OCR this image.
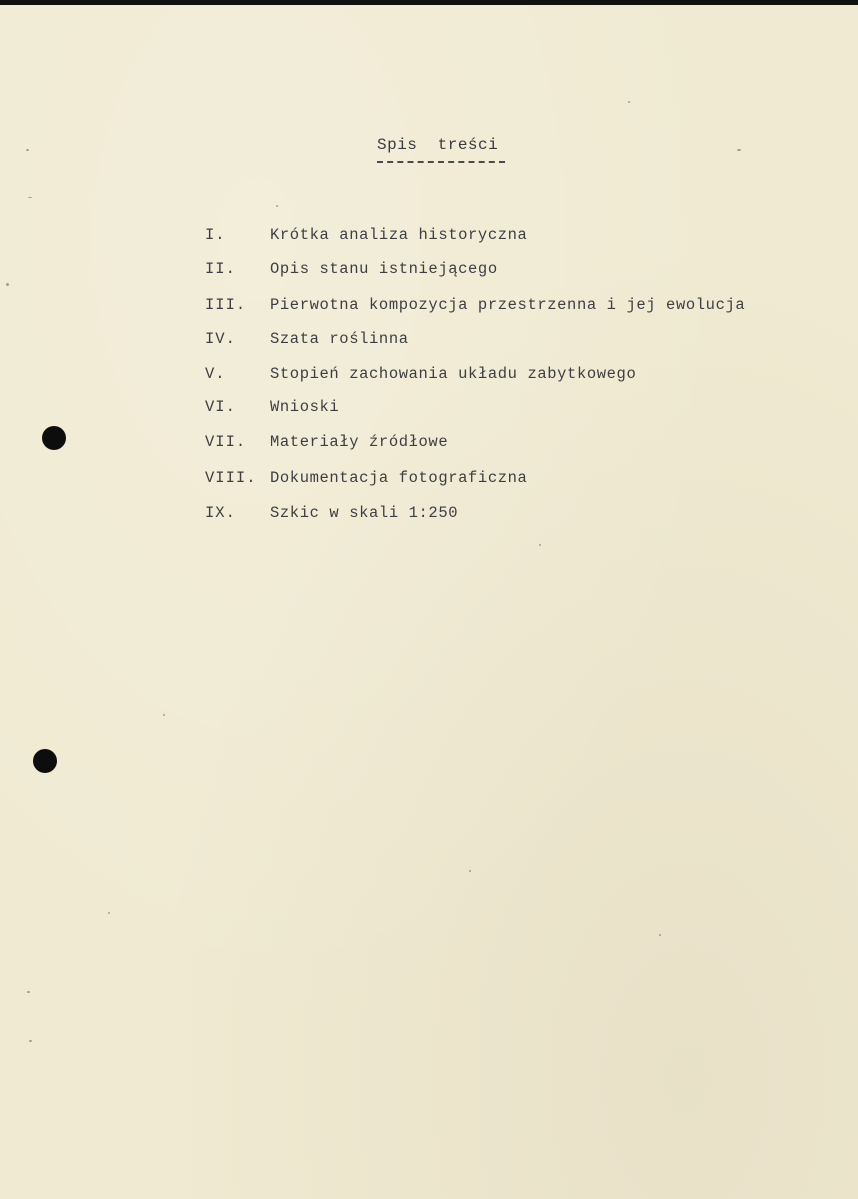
Spis  treści
I.	Krótka analiza historyczna
II. Opis stanu istniejącego
III. Pierwotna kompozycja przestrzenna i jej ewolucja
IV. Szata roślinna
V.	Stopień zachowania układu zabytkowego
VI. Wnioski
VII. Materiały źródłowe
VIII. Dokumentacja fotograficzna
IX. Szkic w skali 1:250
